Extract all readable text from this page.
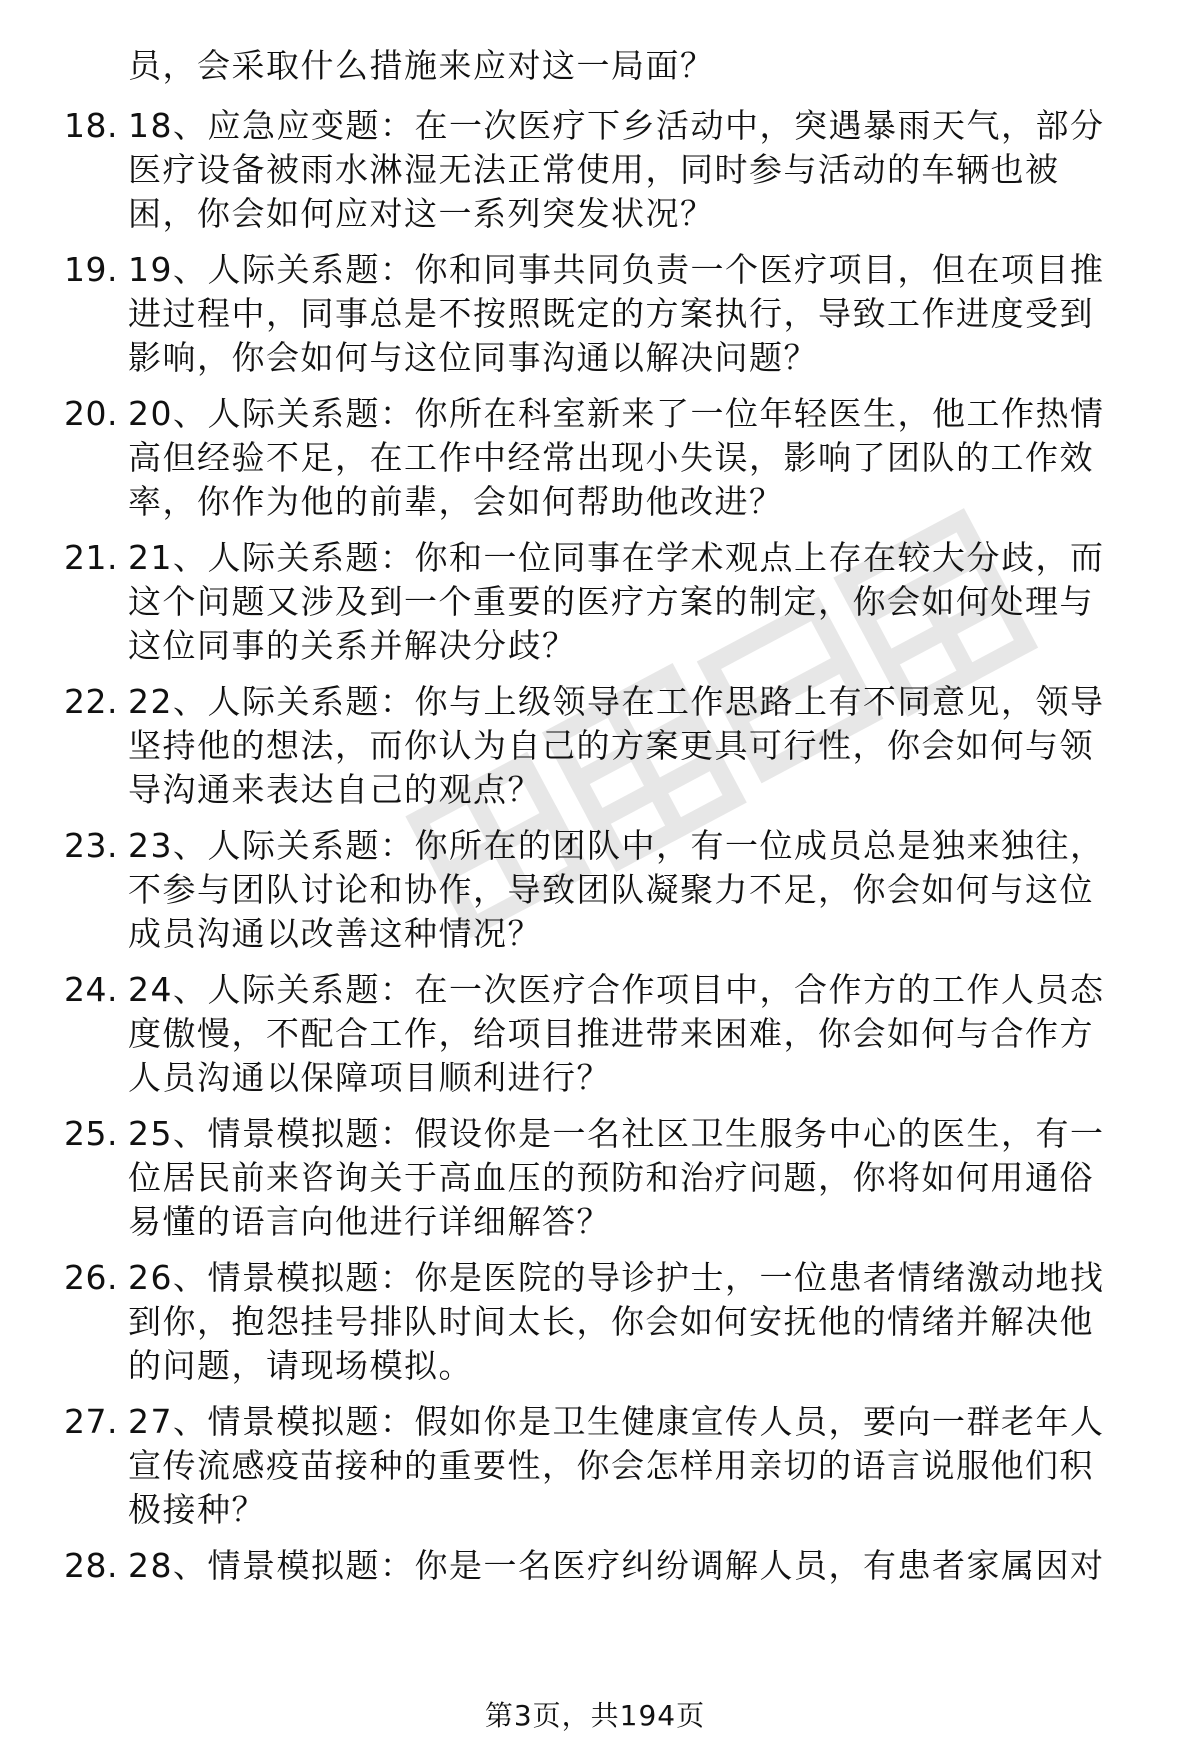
员，会采取什么措施来应对这一局面？
18. 18、应急应变题：在一次医疗下乡活动中，突遇暴雨天气，部分
医疗设备被雨水淋湿无法正常使用，同时参与活动的车辆也被
困，你会如何应对这一系列突发状况？
19. 19、人际关系题：你和同事共同负责一个医疗项目，但在项目推
进过程中，同事总是不按照既定的方案执行，导致工作进度受到
影响，你会如何与这位同事沟通以解决问题？
20. 20、人际关系题：你所在科室新来了一位年轻医生，他工作热情
高但经验不足，在工作中经常出现小失误，影响了团队的工作效
率，你作为他的前辈，会如何帮助他改进？
21. 21、人际关系题：你和一位同事在学术观点上存在较大分歧，而
这个问题又涉及到一个重要的医疗方案的制定，你会如何处理与
这位同事的关系并解决分歧？
22. 22、人际关系题：你与上级领导在工作思路上有不同意见，领导
坚持他的想法，而你认为自己的方案更具可行性，你会如何与领
导沟通来表达自己的观点？
23. 23、人际关系题：你所在的团队中，有一位成员总是独来独往，
不参与团队讨论和协作，导致团队凝聚力不足，你会如何与这位
成员沟通以改善这种情况？
24. 24、人际关系题：在一次医疗合作项目中，合作方的工作人员态
度傲慢，不配合工作，给项目推进带来困难，你会如何与合作方
人员沟通以保障项目顺利进行？
25. 25、情景模拟题：假设你是一名社区卫生服务中心的医生，有一
位居民前来咨询关于高血压的预防和治疗问题，你将如何用通俗
易懂的语言向他进行详细解答？
26. 26、情景模拟题：你是医院的导诊护士，一位患者情绪激动地找
到你，抱怨挂号排队时间太长，你会如何安抚他的情绪并解决他
的问题，请现场模拟。
27. 27、情景模拟题：假如你是卫生健康宣传人员，要向一群老年人
宣传流感疫苗接种的重要性，你会怎样用亲切的语言说服他们积
极接种？
28. 28、情景模拟题：你是一名医疗纠纷调解人员，有患者家属因对
第3页，共194页
